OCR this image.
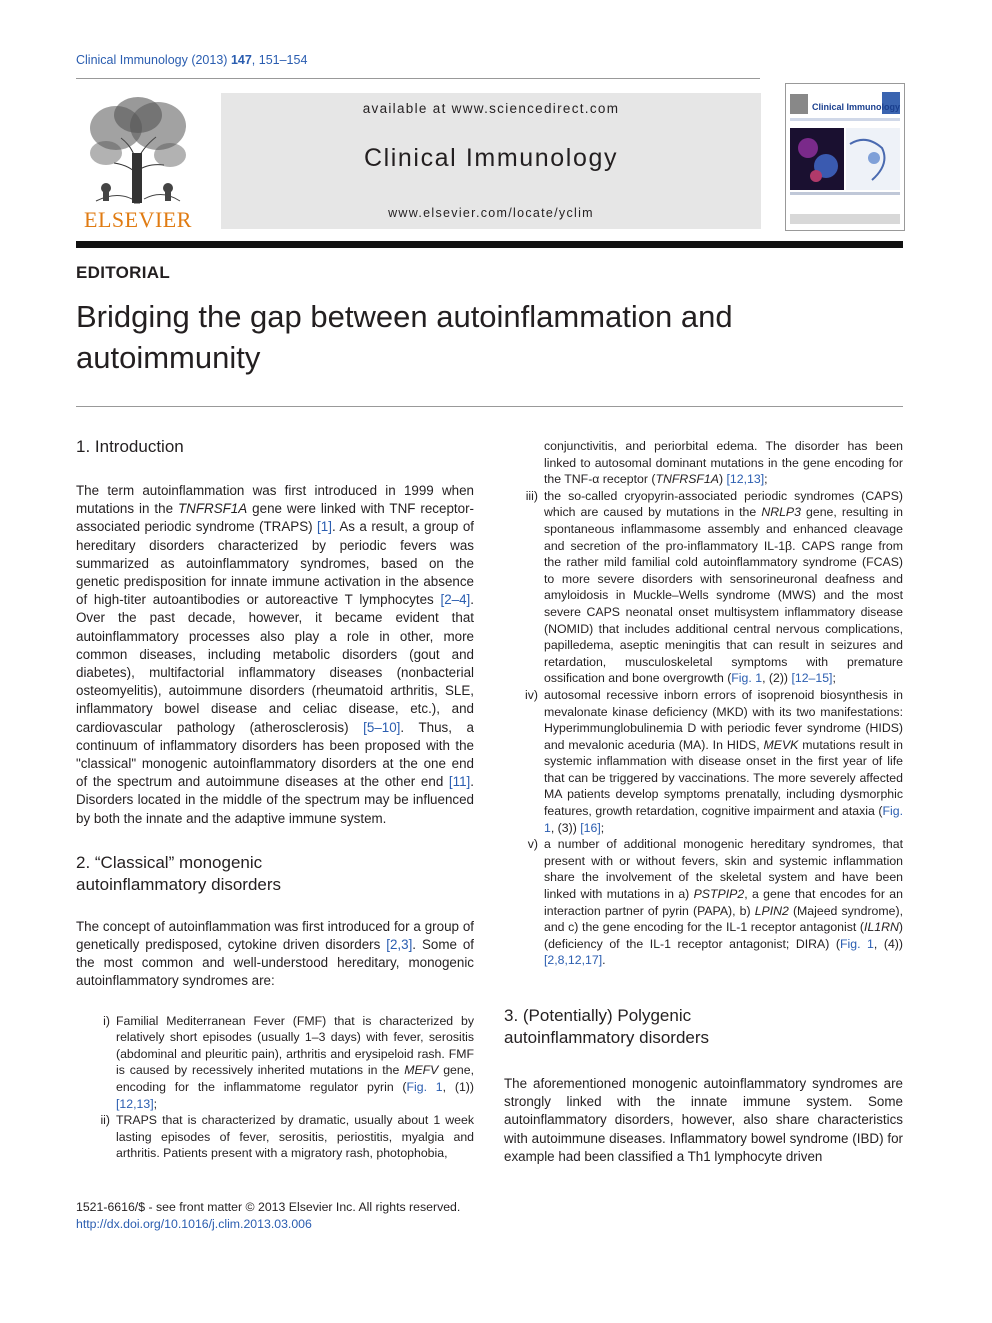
Clinical Immunology (2013) 147, 151–154
ELSEVIER
available at www.sciencedirect.com
Clinical Immunology
www.elsevier.com/locate/yclim
Clinical Immunology
EDITORIAL
Bridging the gap between autoinflammation and autoimmunity
1. Introduction

The term autoinflammation was first introduced in 1999 when mutations in the TNFRSF1A gene were linked with TNF receptor-associated periodic syndrome (TRAPS) [1]. As a result, a group of hereditary disorders characterized by periodic fevers was summarized as autoinflammatory syndromes, based on the genetic predisposition for innate immune activation in the absence of high-titer autoantibodies or autoreactive T lymphocytes [2–4]. Over the past decade, however, it became evident that autoinflammatory processes also play a role in other, more common diseases, including metabolic disorders (gout and diabetes), multifactorial inflammatory diseases (nonbacterial osteomyelitis), autoimmune disorders (rheumatoid arthritis, SLE, inflammatory bowel disease and celiac disease, etc.), and cardiovascular pathology (atherosclerosis) [5–10]. Thus, a continuum of inflammatory disorders has been proposed with the "classical" monogenic autoinflammatory disorders at the one end of the spectrum and autoimmune diseases at the other end [11]. Disorders located in the middle of the spectrum may be influenced by both the innate and the adaptive immune system.

2. “Classical” monogenic autoinflammatory disorders

The concept of autoinflammation was first introduced for a group of genetically predisposed, cytokine driven disorders [2,3]. Some of the most common and well-understood hereditary, monogenic autoinflammatory syndromes are:

i) Familial Mediterranean Fever (FMF) that is characterized by relatively short episodes (usually 1–3 days) with fever, serositis (abdominal and pleuritic pain), arthritis and erysipeloid rash. FMF is caused by recessively inherited mutations in the MEFV gene, encoding for the inflammatome regulator pyrin (Fig. 1, (1)) [12,13];
ii) TRAPS that is characterized by dramatic, usually about 1 week lasting episodes of fever, serositis, periostitis, myalgia and arthritis. Patients present with a migratory rash, photophobia,
conjunctivitis, and periorbital edema. The disorder has been linked to autosomal dominant mutations in the gene encoding for the TNF-α receptor (TNFRSF1A) [12,13];
iii) the so-called cryopyrin-associated periodic syndromes (CAPS) which are caused by mutations in the NRLP3 gene, resulting in spontaneous inflammasome assembly and enhanced cleavage and secretion of the pro-inflammatory IL-1β. CAPS range from the rather mild familial cold autoinflammatory syndrome (FCAS) to more severe disorders with sensorineuronal deafness and amyloidosis in Muckle–Wells syndrome (MWS) and the most severe CAPS neonatal onset multisystem inflammatory disease (NOMID) that includes additional central nervous complications, papilledema, aseptic meningitis that can result in seizures and retardation, musculoskeletal symptoms with premature ossification and bone overgrowth (Fig. 1, (2)) [12–15];
iv) autosomal recessive inborn errors of isoprenoid biosynthesis in mevalonate kinase deficiency (MKD) with its two manifestations: Hyperimmunglobulinemia D with periodic fever syndrome (HIDS) and mevalonic aceduria (MA). In HIDS, MEVK mutations result in systemic inflammation with disease onset in the first year of life that can be triggered by vaccinations. The more severely affected MA patients develop symptoms prenatally, including dysmorphic features, growth retardation, cognitive impairment and ataxia (Fig. 1, (3)) [16];
v) a number of additional monogenic hereditary syndromes, that present with or without fevers, skin and systemic inflammation share the involvement of the skeletal system and have been linked with mutations in a) PSTPIP2, a gene that encodes for an interaction partner of pyrin (PAPA), b) LPIN2 (Majeed syndrome), and c) the gene encoding for the IL-1 receptor antagonist (IL1RN) (deficiency of the IL-1 receptor antagonist; DIRA) (Fig. 1, (4)) [2,8,12,17].
3. (Potentially) Polygenic autoinflammatory disorders

The aforementioned monogenic autoinflammatory syndromes are strongly linked with the innate immune system. Some autoinflammatory disorders, however, also share characteristics with autoimmune diseases. Inflammatory bowel syndrome (IBD) for example had been classified a Th1 lymphocyte driven

1521-6616/$ - see front matter © 2013 Elsevier Inc. All rights reserved.
http://dx.doi.org/10.1016/j.clim.2013.03.006
